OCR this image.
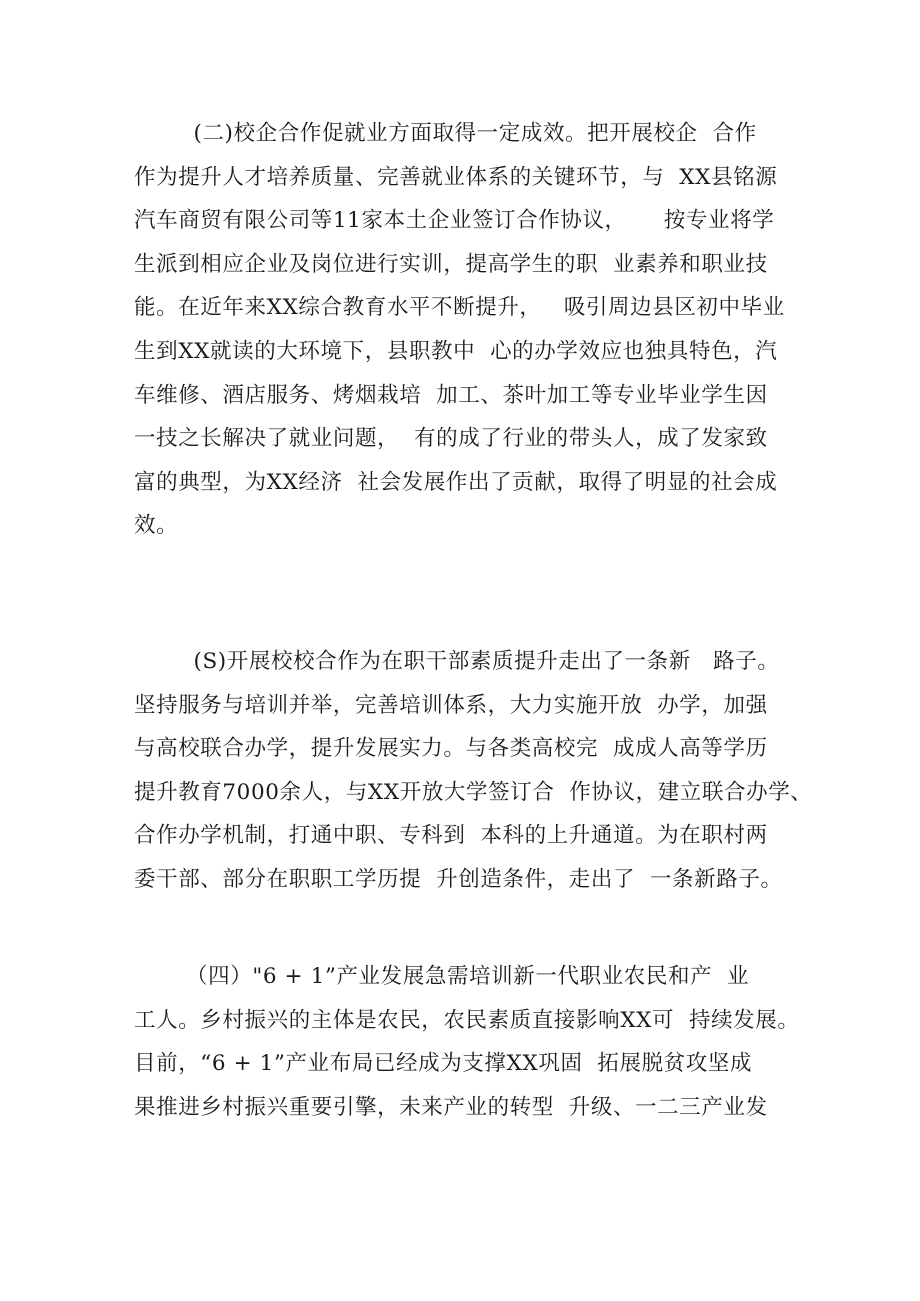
(二)校企合作促就业方面取得一定成效。把开展校企  合作
作为提升人才培养质量、完善就业体系的关键环节，与  XX县铭源
汽车商贸有限公司等11家本土企业签订合作协议，     按专业将学
生派到相应企业及岗位进行实训，提高学生的职  业素养和职业技
能。在近年来XX综合教育水平不断提升，   吸引周边县区初中毕业
生到XX就读的大环境下，县职教中  心的办学效应也独具特色，汽
车维修、酒店服务、烤烟栽培  加工、茶叶加工等专业毕业学生因
一技之长解决了就业问题，  有的成了行业的带头人，成了发家致
富的典型，为XX经济  社会发展作出了贡献，取得了明显的社会成
效。
(S)开展校校合作为在职干部素质提升走出了一条新   路子。
坚持服务与培训并举，完善培训体系，大力实施开放  办学，加强
与高校联合办学，提升发展实力。与各类高校完  成成人高等学历
提升教育7000余人，与XX开放大学签订合  作协议，建立联合办学、
合作办学机制，打通中职、专科到  本科的上升通道。为在职村两
委干部、部分在职职工学历提  升创造条件，走出了  一条新路子。
（四）"6 + 1”产业发展急需培训新一代职业农民和产  业
工人。乡村振兴的主体是农民，农民素质直接影响XX可  持续发展。
目前，“6 + 1”产业布局已经成为支撑XX巩固  拓展脱贫攻坚成
果推进乡村振兴重要引擎，未来产业的转型  升级、一二三产业发
